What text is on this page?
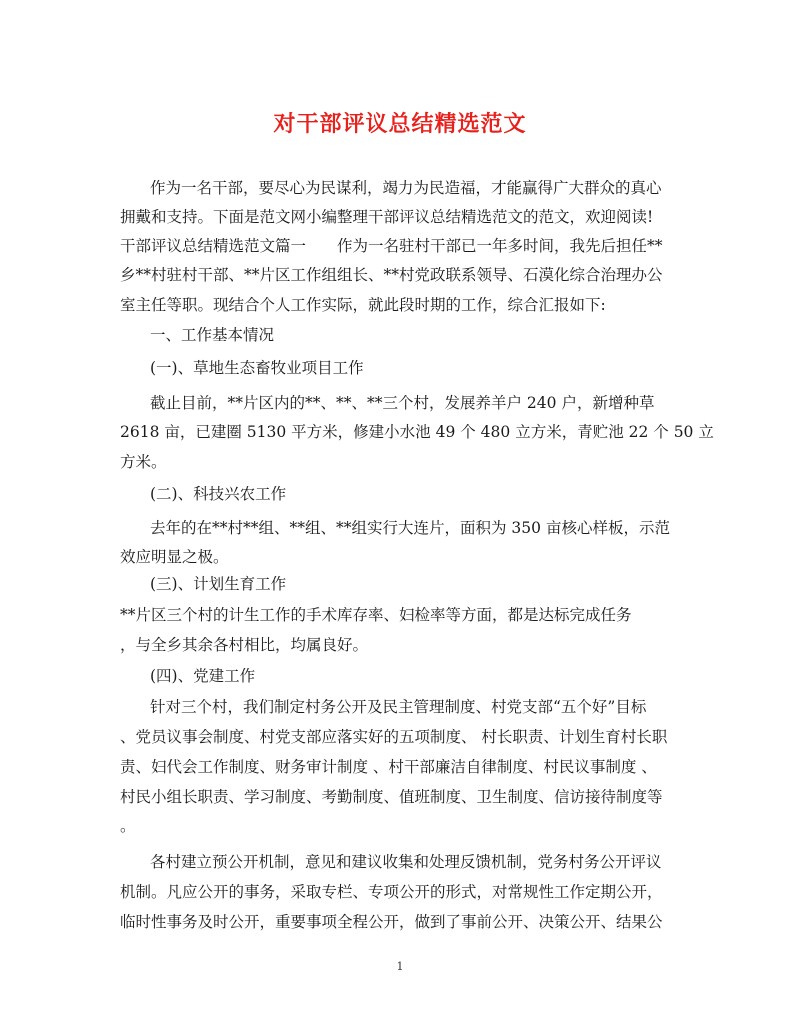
对干部评议总结精选范文
作为一名干部，要尽心为民谋利，竭力为民造福，才能赢得广大群众的真心
拥戴和支持。下面是范文网小编整理干部评议总结精选范文的范文，欢迎阅读!
干部评议总结精选范文篇一　　作为一名驻村干部已一年多时间，我先后担任**
乡**村驻村干部、**片区工作组组长、**村党政联系领导、石漠化综合治理办公
室主任等职。现结合个人工作实际，就此段时期的工作，综合汇报如下:
一、工作基本情况
(一)、草地生态畜牧业项目工作
截止目前，**片区内的**、**、**三个村，发展养羊户 240 户，新增种草
2618 亩，已建圈 5130 平方米，修建小水池 49 个 480 立方米，青贮池 22 个 50 立
方米。
(二)、科技兴农工作
去年的在**村**组、**组、**组实行大连片，面积为 350 亩核心样板，示范
效应明显之极。
(三)、计划生育工作
**片区三个村的计生工作的手术库存率、妇检率等方面，都是达标完成任务
，与全乡其余各村相比，均属良好。
(四)、党建工作
针对三个村，我们制定村务公开及民主管理制度、村党支部“五个好”目标
、党员议事会制度、村党支部应落实好的五项制度、 村长职责、计划生育村长职
责、妇代会工作制度、财务审计制度 、村干部廉洁自律制度、村民议事制度 、
村民小组长职责、学习制度、考勤制度、值班制度、卫生制度、信访接待制度等
。
各村建立预公开机制，意见和建议收集和处理反馈机制，党务村务公开评议
机制。凡应公开的事务，采取专栏、专项公开的形式，对常规性工作定期公开，
临时性事务及时公开，重要事项全程公开，做到了事前公开、决策公开、结果公
1
